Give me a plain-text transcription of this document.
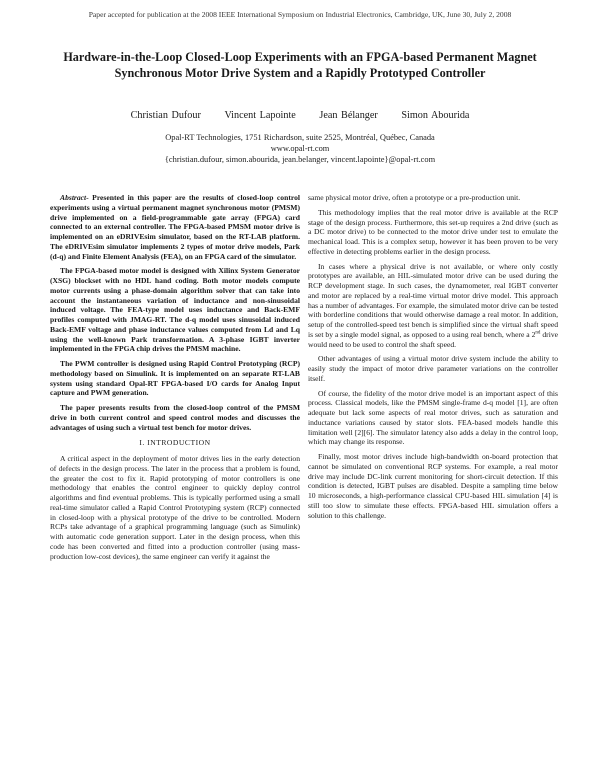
Paper accepted for publication at the 2008 IEEE International Symposium on Industrial Electronics, Cambridge, UK, June 30, July 2, 2008
Hardware-in-the-Loop Closed-Loop Experiments with an FPGA-based Permanent Magnet Synchronous Motor Drive System and a Rapidly Prototyped Controller
Christian Dufour Vincent Lapointe Jean Bélanger Simon Abourida
Opal-RT Technologies, 1751 Richardson, suite 2525, Montréal, Québec, Canada
www.opal-rt.com
{christian.dufour, simon.abourida, jean.belanger, vincent.lapointe}@opal-rt.com

Abstract- Presented in this paper are the results of closed-loop control experiments using a virtual permanent magnet synchronous motor (PMSM) drive implemented on a field-programmable gate array (FPGA) card connected to an external controller. The FPGA-based PMSM motor drive is implemented on an eDRIVEsim simulator, based on the RT-LAB platform. The eDRIVEsim simulator implements 2 types of motor drive models, Park (d-q) and Finite Element Analysis (FEA), on an FPGA card of the simulator.

The FPGA-based motor model is designed with Xilinx System Generator (XSG) blockset with no HDL hand coding. Both motor models compute motor currents using a phase-domain algorithm solver that can take into account the instantaneous variation of inductance and non-sinusoidal induced voltage. The FEA-type model uses inductance and Back-EMF profiles computed with JMAG-RT. The d-q model uses sinusoidal induced Back-EMF voltage and phase inductance values computed from Ld and Lq using the well-known Park transformation. A 3-phase IGBT inverter implemented in the FPGA chip drives the PMSM machine.

The PWM controller is designed using Rapid Control Prototyping (RCP) methodology based on Simulink. It is implemented on an separate RT-LAB system using standard Opal-RT FPGA-based I/O cards for Analog Input capture and PWM generation.

The paper presents results from the closed-loop control of the PMSM drive in both current control and speed control modes and discusses the advantages of using such a virtual test bench for motor drives.

I. INTRODUCTION

A critical aspect in the deployment of motor drives lies in the early detection of defects in the design process. The later in the process that a problem is found, the greater the cost to fix it. Rapid prototyping of motor controllers is one methodology that enables the control engineer to quickly deploy control algorithms and find eventual problems. This is typically performed using a small real-time simulator called a Rapid Control Prototyping system (RCP) connected in closed-loop with a physical prototype of the drive to be controlled. Modern RCPs take advantage of a graphical programming language (such as Simulink) with automatic code generation support. Later in the design process, when this code has been converted and fitted into a production controller (using mass-production low-cost devices), the same engineer can verify it against the

same physical motor drive, often a prototype or a pre-production unit.

This methodology implies that the real motor drive is available at the RCP stage of the design process. Furthermore, this set-up requires a 2nd drive (such as a DC motor drive) to be connected to the motor drive under test to emulate the mechanical load. This is a complex setup, however it has been proven to be very effective in detecting problems earlier in the design process.

In cases where a physical drive is not available, or where only costly prototypes are available, an HIL-simulated motor drive can be used during the RCP development stage. In such cases, the dynamometer, real IGBT converter and motor are replaced by a real-time virtual motor drive model. This approach has a number of advantages. For example, the simulated motor drive can be tested with borderline conditions that would otherwise damage a real motor. In addition, setup of the controlled-speed test bench is simplified since the virtual shaft speed is set by a single model signal, as opposed to a using real bench, where a 2nd drive would need to be used to control the shaft speed.

Other advantages of using a virtual motor drive system include the ability to easily study the impact of motor drive parameter variations on the controller itself.

Of course, the fidelity of the motor drive model is an important aspect of this process. Classical models, like the PMSM single-frame d-q model [1], are often adequate but lack some aspects of real motor drives, such as saturation and inductance variations caused by stator slots. FEA-based models handle this limitation well [2][6]. The simulator latency also adds a delay in the control loop, which may change its response.

Finally, most motor drives include high-bandwidth on-board protection that cannot be simulated on conventional RCP systems. For example, a real motor drive may include DC-link current monitoring for short-circuit detection. If this condition is detected, IGBT pulses are disabled. Despite a sampling time below 10 microseconds, a high-performance classical CPU-based HIL simulation [4] is still too slow to simulate these effects. FPGA-based HIL simulation offers a solution to this challenge.
